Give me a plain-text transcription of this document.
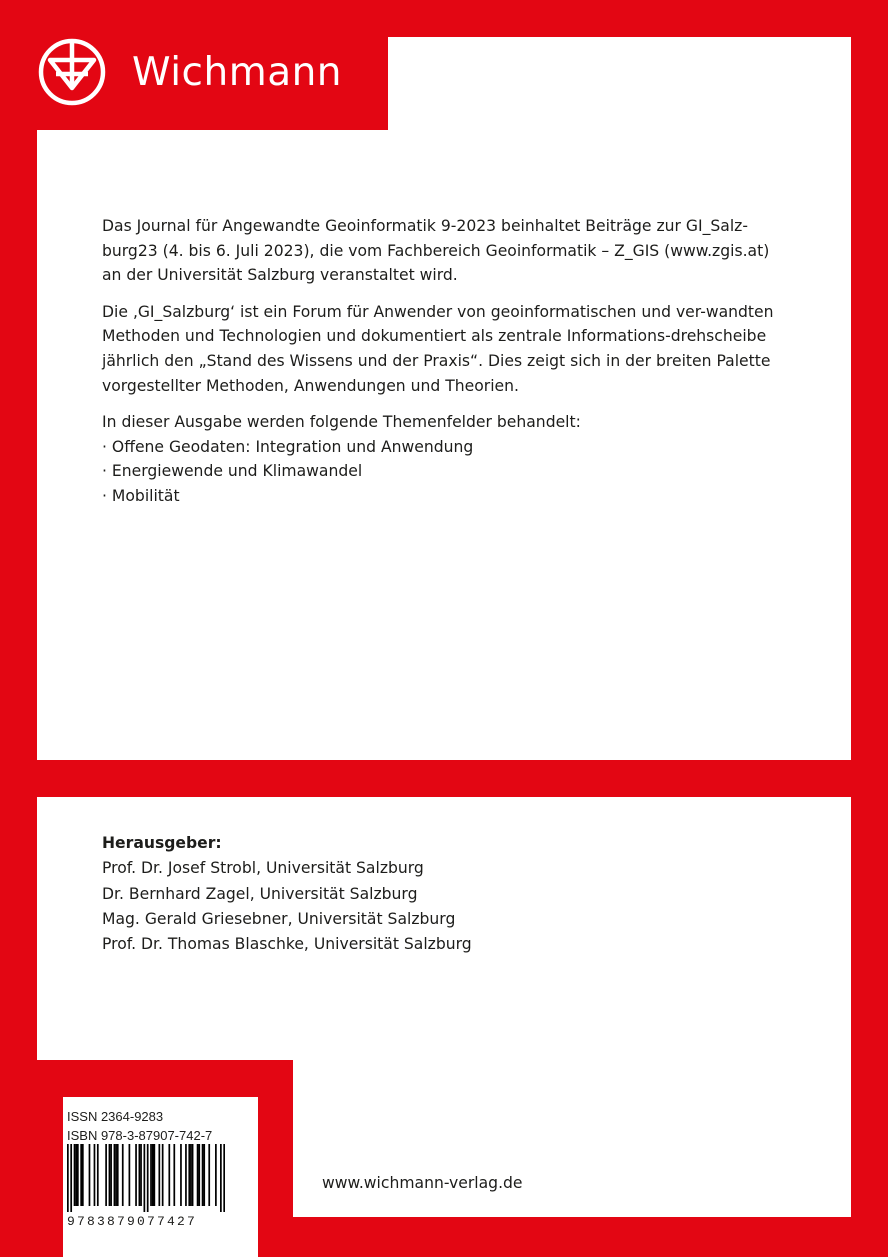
Wichmann

Das Journal für Angewandte Geoinformatik 9-2023 beinhaltet Beiträge zur GI_Salz-burg23 (4. bis 6. Juli 2023), die vom Fachbereich Geoinformatik – Z_GIS (www.zgis.at) an der Universität Salzburg veranstaltet wird.

Die ‚GI_Salzburg‘ ist ein Forum für Anwender von geoinformatischen und ver-wandten Methoden und Technologien und dokumentiert als zentrale Informations-drehscheibe jährlich den „Stand des Wissens und der Praxis“. Dies zeigt sich in der breiten Palette vorgestellter Methoden, Anwendungen und Theorien.

In dieser Ausgabe werden folgende Themenfelder behandelt:
· Offene Geodaten: Integration und Anwendung
· Energiewende und Klimawandel
· Mobilität
Herausgeber:
Prof. Dr. Josef Strobl, Universität Salzburg
Dr. Bernhard Zagel, Universität Salzburg
Mag. Gerald Griesebner, Universität Salzburg
Prof. Dr. Thomas Blaschke, Universität Salzburg
ISSN 2364-9283
ISBN 978-3-87907-742-7
9783879077427
www.wichmann-verlag.de
